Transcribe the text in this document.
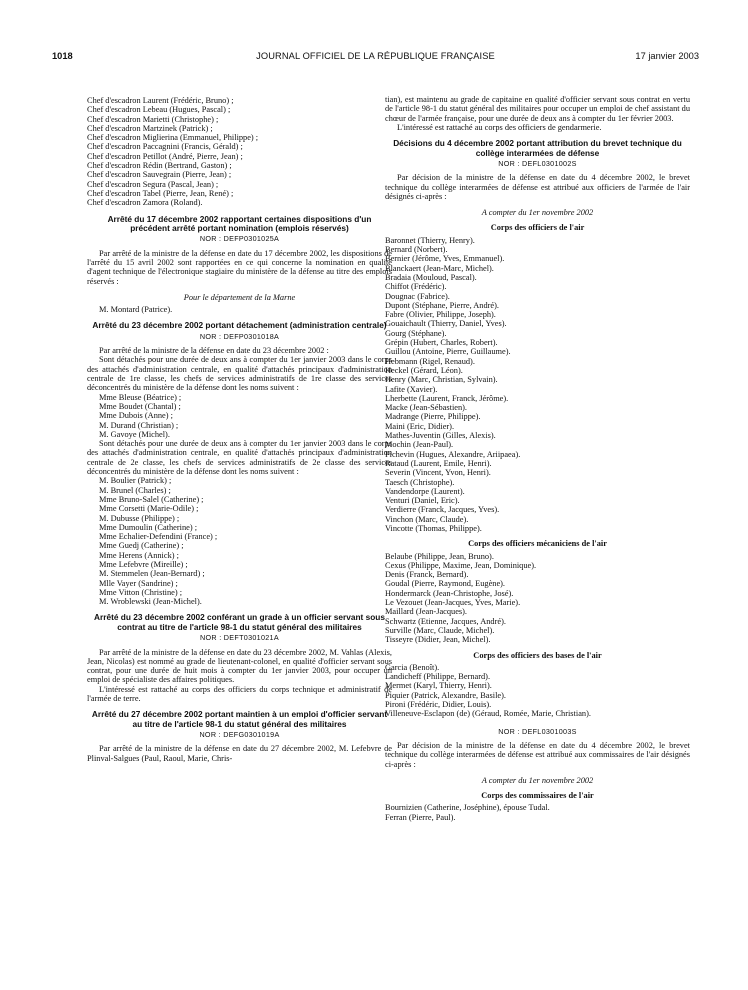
1018	JOURNAL OFFICIEL DE LA RÉPUBLIQUE FRANÇAISE	17 janvier 2003
Chef d'escadron Laurent (Frédéric, Bruno) ;
Chef d'escadron Lebeau (Hugues, Pascal) ;
Chef d'escadron Marietti (Christophe) ;
Chef d'escadron Martzinek (Patrick) ;
Chef d'escadron Miglierina (Emmanuel, Philippe) ;
Chef d'escadron Paccagnini (Francis, Gérald) ;
Chef d'escadron Petillot (André, Pierre, Jean) ;
Chef d'escadron Rédin (Bertrand, Gaston) ;
Chef d'escadron Sauvegrain (Pierre, Jean) ;
Chef d'escadron Segura (Pascal, Jean) ;
Chef d'escadron Tabel (Pierre, Jean, René) ;
Chef d'escadron Zamora (Roland).
Arrêté du 17 décembre 2002 rapportant certaines dispositions d'un précédent arrêté portant nomination (emplois réservés)
NOR : DEFP0301025A

Par arrêté de la ministre de la défense en date du 17 décembre 2002, les dispositions de l'arrêté du 15 avril 2002 sont rapportées en ce qui concerne la nomination en qualité d'agent technique de l'électronique stagiaire du ministère de la défense au titre des emplois réservés :

Pour le département de la Marne

M. Montard (Patrice).

Arrêté du 23 décembre 2002 portant détachement (administration centrale)
NOR : DEFP0301018A

Par arrêté de la ministre de la défense en date du 23 décembre 2002 :

Sont détachés pour une durée de deux ans à compter du 1er janvier 2003 dans le corps des attachés d'administration centrale, en qualité d'attachés principaux d'administration centrale de 1re classe, les chefs de services administratifs de 1re classe des services déconcentrés du ministère de la défense dont les noms suivent :

Mme Bleuse (Béatrice) ;
Mme Boudet (Chantal) ;
Mme Dubois (Anne) ;
M. Durand (Christian) ;
M. Gavoye (Michel).

Sont détachés pour une durée de deux ans à compter du 1er janvier 2003 dans le corps des attachés d'administration centrale, en qualité d'attachés principaux d'administration centrale de 2e classe, les chefs de services administratifs de 2e classe des services déconcentrés du ministère de la défense dont les noms suivent :

M. Boulier (Patrick) ;
M. Brunel (Charles) ;
Mme Bruno-Salel (Catherine) ;
Mme Corsetti (Marie-Odile) ;
M. Dubusse (Philippe) ;
Mme Dumoulin (Catherine) ;
Mme Echalier-Defendini (France) ;
Mme Guedj (Catherine) ;
Mme Herens (Annick) ;
Mme Lefebvre (Mireille) ;
M. Stemmelen (Jean-Bernard) ;
Mlle Vayer (Sandrine) ;
Mme Vitton (Christine) ;
M. Wroblewski (Jean-Michel).
Arrêté du 23 décembre 2002 conférant un grade à un officier servant sous contrat au titre de l'article 98-1 du statut général des militaires
NOR : DEFT0301021A

Par arrêté de la ministre de la défense en date du 23 décembre 2002, M. Vahlas (Alexis, Jean, Nicolas) est nommé au grade de lieutenant-colonel, en qualité d'officier servant sous contrat, pour une durée de huit mois à compter du 1er janvier 2003, pour occuper un emploi de spécialiste des affaires politiques.

L'intéressé est rattaché au corps des officiers du corps technique et administratif de l'armée de terre.

Arrêté du 27 décembre 2002 portant maintien à un emploi d'officier servant au titre de l'article 98-1 du statut général des militaires
NOR : DEFG0301019A

Par arrêté de la ministre de la défense en date du 27 décembre 2002, M. Lefebvre de Plinval-Salgues (Paul, Raoul, Marie, Chris-

tian), est maintenu au grade de capitaine en qualité d'officier servant sous contrat en vertu de l'article 98-1 du statut général des militaires pour occuper un emploi de chef assistant du chœur de l'armée française, pour une durée de deux ans à compter du 1er février 2003.

L'intéressé est rattaché au corps des officiers de gendarmerie.

Décisions du 4 décembre 2002 portant attribution du brevet technique du collège interarmées de défense
NOR : DEFL0301002S

Par décision de la ministre de la défense en date du 4 décembre 2002, le brevet technique du collège interarmées de défense est attribué aux officiers de l'armée de l'air désignés ci-après :

A compter du 1er novembre 2002
Corps des officiers de l'air
Baronnet (Thierry, Henry).
Bernard (Norbert).
Bernier (Jérôme, Yves, Emmanuel).
Blanckaert (Jean-Marc, Michel).
Bradaia (Mouloud, Pascal).
Chiffot (Frédéric).
Dougnac (Fabrice).
Dupont (Stéphane, Pierre, André).
Fabre (Olivier, Philippe, Joseph).
Gouaichault (Thierry, Daniel, Yves).
Gourg (Stéphane).
Grépin (Hubert, Charles, Robert).
Guillou (Antoine, Pierre, Guillaume).
Hebmann (Rigel, Renaud).
Heckel (Gérard, Léon).
Henry (Marc, Christian, Sylvain).
Lafite (Xavier).
Lherbette (Laurent, Franck, Jérôme).
Macke (Jean-Sébastien).
Madrange (Pierre, Philippe).
Maini (Eric, Didier).
Mathes-Juventin (Gilles, Alexis).
Mochin (Jean-Paul).
Pichevin (Hugues, Alexandre, Ariipaea).
Rataud (Laurent, Emile, Henri).
Severin (Vincent, Yvon, Henri).
Taesch (Christophe).
Vandendorpe (Laurent).
Venturi (Daniel, Eric).
Verdierre (Franck, Jacques, Yves).
Vinchon (Marc, Claude).
Vincotte (Thomas, Philippe).
Corps des officiers mécaniciens de l'air
Belaube (Philippe, Jean, Bruno).
Cexus (Philippe, Maxime, Jean, Dominique).
Denis (Franck, Bernard).
Goudal (Pierre, Raymond, Eugène).
Hondermarck (Jean-Christophe, José).
Le Vezouet (Jean-Jacques, Yves, Marie).
Maillard (Jean-Jacques).
Schwartz (Etienne, Jacques, André).
Surville (Marc, Claude, Michel).
Tisseyre (Didier, Jean, Michel).
Corps des officiers des bases de l'air
Garcia (Benoît).
Landicheff (Philippe, Bernard).
Mermet (Karyl, Thierry, Henri).
Piquier (Patrick, Alexandre, Basile).
Pironi (Frédéric, Didier, Louis).
Villeneuve-Esclapon (de) (Géraud, Romée, Marie, Christian).
NOR : DEFL0301003S

Par décision de la ministre de la défense en date du 4 décembre 2002, le brevet technique du collège interarmées de défense est attribué aux commissaires de l'air désignés ci-après :

A compter du 1er novembre 2002
Corps des commissaires de l'air
Bournizien (Catherine, Joséphine), épouse Tudal.
Ferran (Pierre, Paul).
